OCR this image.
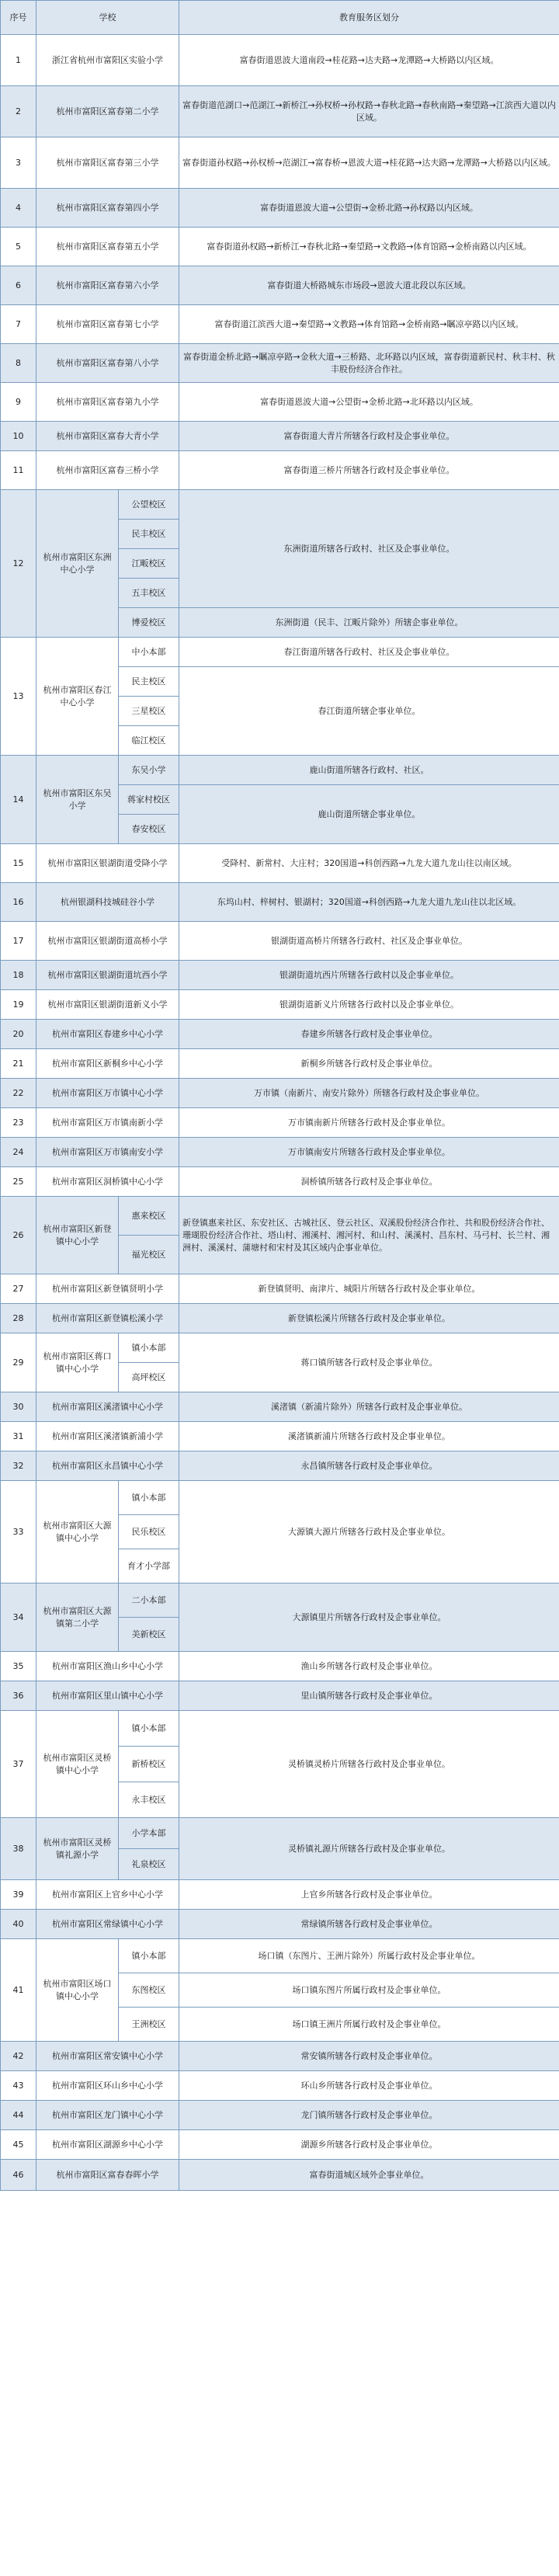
序号	学校		教育服务区划分
1	浙江省杭州市富阳区实验小学		富春街道恩波大道南段→桂花路→达夫路→龙潭路→大桥路以内区域。
2	杭州市富阳区富春第二小学		富春街道范湖口→范湖江→新桥江→孙权桥→孙权路→春秋北路→春秋南路→秦望路→江滨西大道以内区域。
3	杭州市富阳区富春第三小学		富春街道孙权路→孙权桥→范湖江→富春桥→恩波大道→桂花路→达夫路→龙潭路→大桥路以内区域。
4	杭州市富阳区富春第四小学		富春街道恩波大道→公望街→金桥北路→孙权路以内区域。
5	杭州市富阳区富春第五小学		富春街道孙权路→新桥江→春秋北路→秦望路→文教路→体育馆路→金桥南路以内区域。
6	杭州市富阳区富春第六小学		富春街道大桥路城东市场段→恩波大道北段以东区域。
7	杭州市富阳区富春第七小学		富春街道江滨西大道→秦望路→文教路→体育馆路→金桥南路→瞩凉亭路以内区域。
8	杭州市富阳区富春第八小学		富春街道金桥北路→瞩凉亭路→金秋大道→三桥路、北环路以内区域，富春街道新民村、秋丰村、秋丰股份经济合作社。
9	杭州市富阳区富春第九小学		富春街道恩波大道→公望街→金桥北路→北环路以内区域。
10	杭州市富阳区富春大青小学		富春街道大青片所辖各行政村及企事业单位。
11	杭州市富阳区富春三桥小学		富春街道三桥片所辖各行政村及企事业单位。
12	杭州市富阳区东洲中心小学	公望校区	东洲街道所辖各行政村、社区及企事业单位。
		民丰校区	
		江畈校区	
		五丰校区	
		博爱校区	东洲街道（民丰、江畈片除外）所辖企事业单位。
13	杭州市富阳区春江中心小学	中小本部	春江街道所辖各行政村、社区及企事业单位。
		民主校区	春江街道所辖企事业单位。
		三星校区	
		临江校区	
14	杭州市富阳区东吴小学	东吴小学	鹿山街道所辖各行政村、社区。
		蒋家村校区	鹿山街道所辖企事业单位。
		春安校区	
15	杭州市富阳区银湖街道受降小学		受降村、新常村、大庄村；320国道→科创西路→九龙大道九龙山往以南区域。
16	杭州银湖科技城硅谷小学		东坞山村、梓树村、银湖村；320国道→科创西路→九龙大道九龙山往以北区域。
17	杭州市富阳区银湖街道高桥小学		银湖街道高桥片所辖各行政村、社区及企事业单位。
18	杭州市富阳区银湖街道坑西小学		银湖街道坑西片所辖各行政村以及企事业单位。
19	杭州市富阳区银湖街道新义小学		银湖街道新义片所辖各行政村以及企事业单位。
20	杭州市富阳区春建乡中心小学		春建乡所辖各行政村及企事业单位。
21	杭州市富阳区新桐乡中心小学		新桐乡所辖各行政村及企事业单位。
22	杭州市富阳区万市镇中心小学		万市镇（南新片、南安片除外）所辖各行政村及企事业单位。
23	杭州市富阳区万市镇南新小学		万市镇南新片所辖各行政村及企事业单位。
24	杭州市富阳区万市镇南安小学		万市镇南安片所辖各行政村及企事业单位。
25	杭州市富阳区洞桥镇中心小学		洞桥镇所辖各行政村及企事业单位。
26	杭州市富阳区新登镇中心小学	惠来校区	新登镇惠来社区、东安社区、古城社区、登云社区、双溪股份经济合作社、共和股份经济合作社、珊瑚股份经济合作社、塔山村、湘溪村、湘河村、和山村、溪溪村、昌东村、马弓村、长兰村、湘洲村、溪溪村、蒲塘村和宋村及其区域内企事业单位。
		福光校区	
27	杭州市富阳区新登镇贤明小学		新登镇贤明、南津片、城阳片所辖各行政村及企事业单位。
28	杭州市富阳区新登镇松溪小学		新登镇松溪片所辖各行政村及企事业单位。
29	杭州市富阳区蒋口镇中心小学	镇小本部	蒋口镇所辖各行政村及企事业单位。
		高坪校区	
30	杭州市富阳区溪渚镇中心小学		溪渚镇（新浦片除外）所辖各行政村及企事业单位。
31	杭州市富阳区溪渚镇新浦小学		溪渚镇新浦片所辖各行政村及企事业单位。
32	杭州市富阳区永昌镇中心小学		永昌镇所辖各行政村及企事业单位。
33	杭州市富阳区大源镇中心小学	镇小本部	大源镇大源片所辖各行政村及企事业单位。
		民乐校区	
		育才小学部	
34	杭州市富阳区大源镇第二小学	二小本部	大源镇里片所辖各行政村及企事业单位。
		美新校区	
35	杭州市富阳区渔山乡中心小学		渔山乡所辖各行政村及企事业单位。
36	杭州市富阳区里山镇中心小学		里山镇所辖各行政村及企事业单位。
37	杭州市富阳区灵桥镇中心小学	镇小本部	灵桥镇灵桥片所辖各行政村及企事业单位。
		新桥校区	
		永丰校区	
38	杭州市富阳区灵桥镇礼源小学	小学本部	灵桥镇礼源片所辖各行政村及企事业单位。
		礼泉校区	
39	杭州市富阳区上官乡中心小学		上官乡所辖各行政村及企事业单位。
40	杭州市富阳区常绿镇中心小学		常绿镇所辖各行政村及企事业单位。
41	杭州市富阳区场口镇中心小学	镇小本部	场口镇（东图片、王洲片除外）所属行政村及企事业单位。
		东图校区	场口镇东图片所属行政村及企事业单位。
		王洲校区	场口镇王洲片所属行政村及企事业单位。
42	杭州市富阳区常安镇中心小学		常安镇所辖各行政村及企事业单位。
43	杭州市富阳区环山乡中心小学		环山乡所辖各行政村及企事业单位。
44	杭州市富阳区龙门镇中心小学		龙门镇所辖各行政村及企事业单位。
45	杭州市富阳区湖源乡中心小学		湖源乡所辖各行政村及企事业单位。
46	杭州市富阳区富春春晖小学		富春街道城区域外企事业单位。
